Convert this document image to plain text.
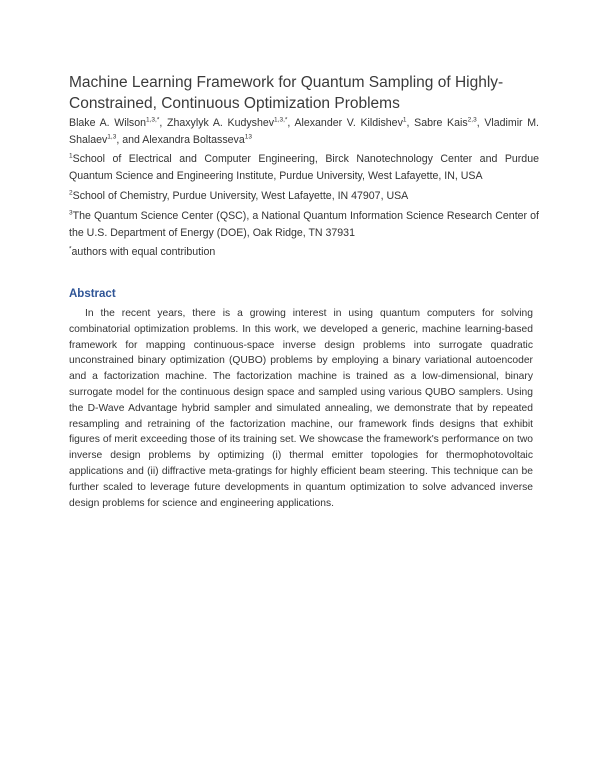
Machine Learning Framework for Quantum Sampling of Highly-Constrained, Continuous Optimization Problems
Blake A. Wilson$^{1,3,*}$, Zhaxylyk A. Kudyshev$^{1,3,*}$, Alexander V. Kildishev$^1$, Sabre Kais$^{2,3}$, Vladimir M. Shalaev$^{1,3}$, and Alexandra Boltasseva$^{13}$
$^1$School of Electrical and Computer Engineering, Birck Nanotechnology Center and Purdue Quantum Science and Engineering Institute, Purdue University, West Lafayette, IN, USA
$^2$School of Chemistry, Purdue University, West Lafayette, IN 47907, USA
$^3$The Quantum Science Center (QSC), a National Quantum Information Science Research Center of the U.S. Department of Energy (DOE), Oak Ridge, TN 37931
*authors with equal contribution
Abstract

In the recent years, there is a growing interest in using quantum computers for solving combinatorial optimization problems. In this work, we developed a generic, machine learning-based framework for mapping continuous-space inverse design problems into surrogate quadratic unconstrained binary optimization (QUBO) problems by employing a binary variational autoencoder and a factorization machine. The factorization machine is trained as a low-dimensional, binary surrogate model for the continuous design space and sampled using various QUBO samplers. Using the D-Wave Advantage hybrid sampler and simulated annealing, we demonstrate that by repeated resampling and retraining of the factorization machine, our framework finds designs that exhibit figures of merit exceeding those of its training set. We showcase the framework's performance on two inverse design problems by optimizing (i) thermal emitter topologies for thermophotovoltaic applications and (ii) diffractive meta-gratings for highly efficient beam steering. This technique can be further scaled to leverage future developments in quantum optimization to solve advanced inverse design problems for science and engineering applications.
